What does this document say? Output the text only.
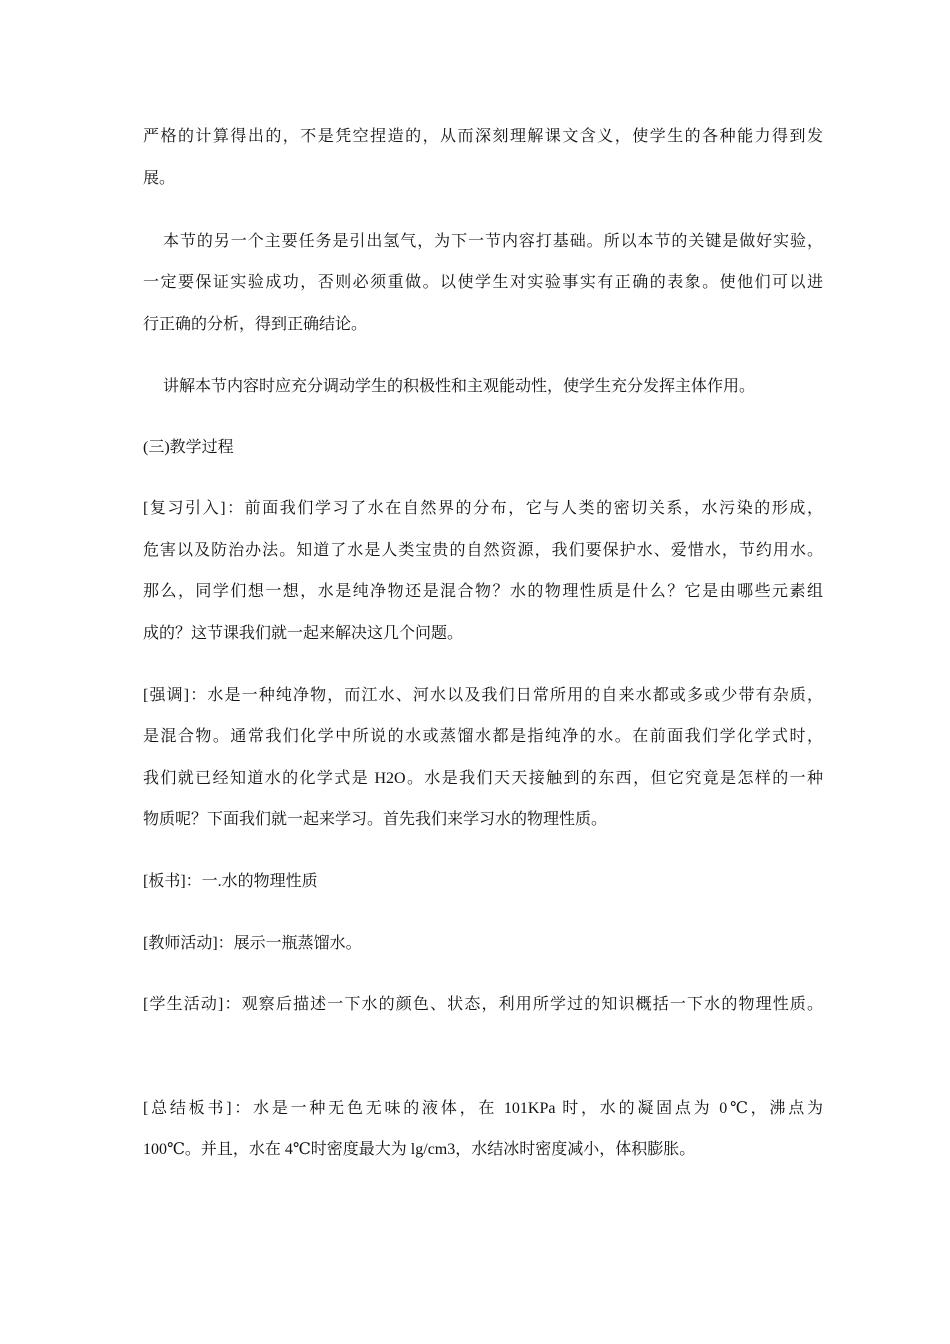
严格的计算得出的，不是凭空捏造的，从而深刻理解课文含义，使学生的各种能力得到发
展。
本节的另一个主要任务是引出氢气，为下一节内容打基础。所以本节的关键是做好实验，
一定要保证实验成功，否则必须重做。以使学生对实验事实有正确的表象。使他们可以进
行正确的分析，得到正确结论。
讲解本节内容时应充分调动学生的积极性和主观能动性，使学生充分发挥主体作用。
(三)教学过程
[复习引入]：前面我们学习了水在自然界的分布，它与人类的密切关系，水污染的形成，
危害以及防治办法。知道了水是人类宝贵的自然资源，我们要保护水、爱惜水，节约用水。
那么，同学们想一想，水是纯净物还是混合物？水的物理性质是什么？它是由哪些元素组
成的？这节课我们就一起来解决这几个问题。
[强调]：水是一种纯净物，而江水、河水以及我们日常所用的自来水都或多或少带有杂质，
是混合物。通常我们化学中所说的水或蒸馏水都是指纯净的水。在前面我们学化学式时，
我们就已经知道水的化学式是 H2O。水是我们天天接触到的东西，但它究竟是怎样的一种
物质呢？下面我们就一起来学习。首先我们来学习水的物理性质。
[板书]：一.水的物理性质
[教师活动]：展示一瓶蒸馏水。
[学生活动]：观察后描述一下水的颜色、状态，利用所学过的知识概括一下水的物理性质。
[总结板书]：水是一种无色无味的液体，在 101KPa 时，水的凝固点为 0℃，沸点为
100℃。并且，水在 4℃时密度最大为 lg/cm3，水结冰时密度减小，体积膨胀。
